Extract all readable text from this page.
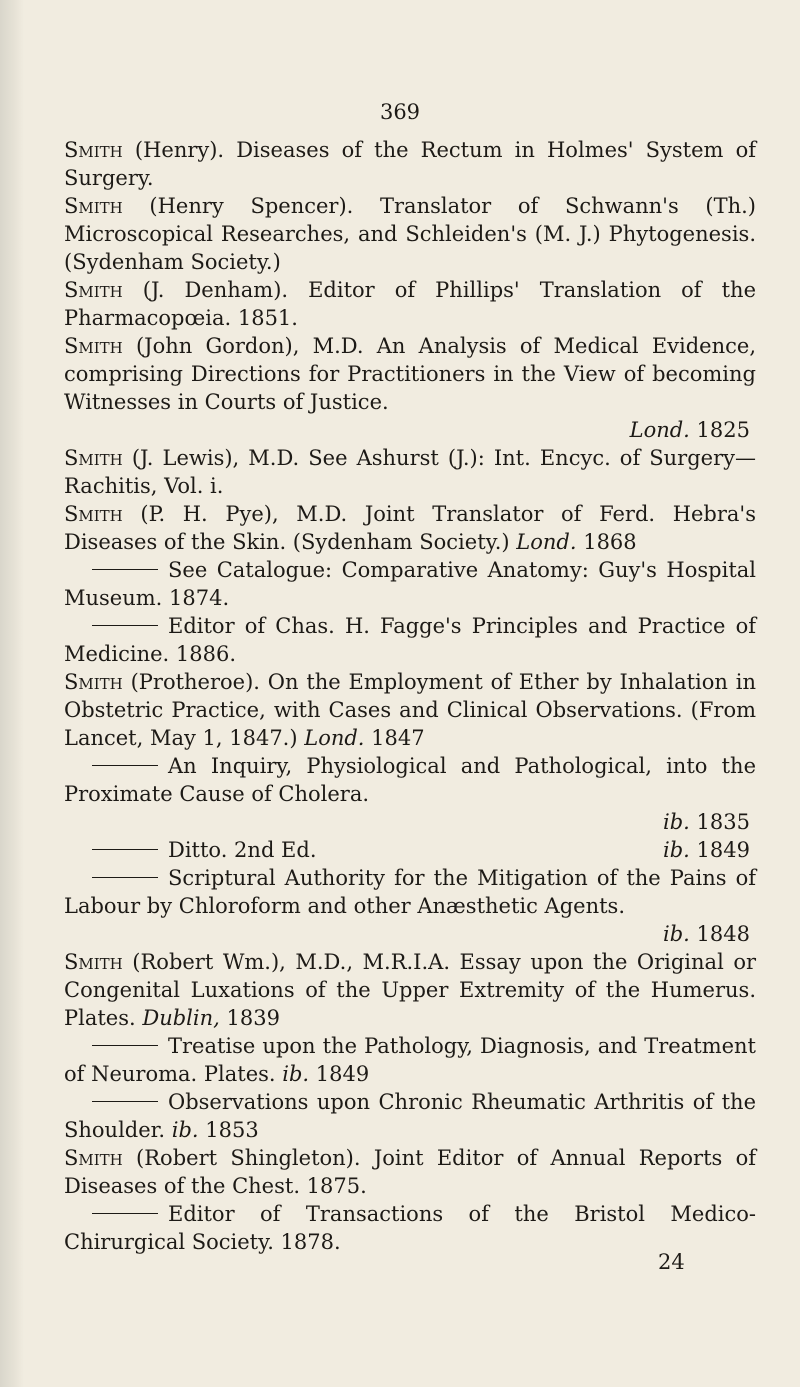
369

Smith (Henry). Diseases of the Rectum in Holmes' System of Surgery.

Smith (Henry Spencer). Translator of Schwann's (Th.) Microscopical Researches, and Schleiden's (M. J.) Phytogenesis. (Sydenham Society.)

Smith (J. Denham). Editor of Phillips' Translation of the Pharmacopœia. 1851.

Smith (John Gordon), M.D. An Analysis of Medical Evidence, comprising Directions for Practitioners in the View of becoming Witnesses in Courts of Justice.
Lond. 1825

Smith (J. Lewis), M.D. See Ashurst (J.): Int. Encyc. of Surgery—Rachitis, Vol. i.

Smith (P. H. Pye), M.D. Joint Translator of Ferd. Hebra's Diseases of the Skin. (Sydenham Society.) Lond. 1868

See Catalogue: Comparative Anatomy: Guy's Hospital Museum. 1874.

Editor of Chas. H. Fagge's Principles and Practice of Medicine. 1886.

Smith (Protheroe). On the Employment of Ether by Inhalation in Obstetric Practice, with Cases and Clinical Observations. (From Lancet, May 1, 1847.) Lond. 1847

An Inquiry, Physiological and Pathological, into the Proximate Cause of Cholera.
ib. 1835

Ditto. 2nd Ed.	ib. 1849

Scriptural Authority for the Mitigation of the Pains of Labour by Chloroform and other Anæsthetic Agents.
ib. 1848

Smith (Robert Wm.), M.D., M.R.I.A. Essay upon the Original or Congenital Luxations of the Upper Extremity of the Humerus. Plates. Dublin, 1839

Treatise upon the Pathology, Diagnosis, and Treatment of Neuroma. Plates. ib. 1849

Observations upon Chronic Rheumatic Arthritis of the Shoulder. ib. 1853

Smith (Robert Shingleton). Joint Editor of Annual Reports of Diseases of the Chest. 1875.

Editor of Transactions of the Bristol Medico-Chirurgical Society. 1878.

24
